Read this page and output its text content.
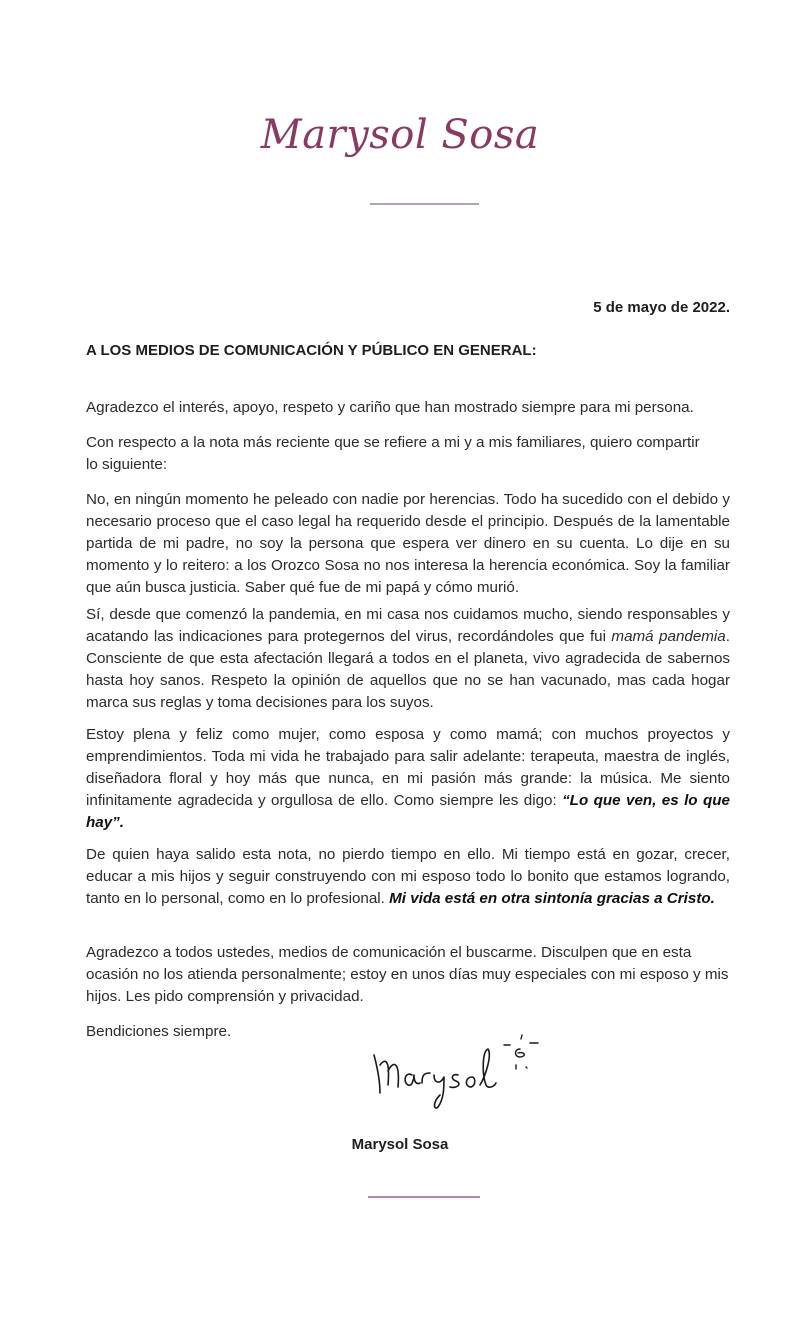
Marysol Sosa
5 de mayo de 2022.
A LOS MEDIOS DE COMUNICACIÓN Y PÚBLICO EN GENERAL:

Agradezco el interés, apoyo, respeto y cariño que han mostrado siempre para mi persona.

Con respecto a la nota más reciente que se refiere a mi y a mis familiares, quiero compartir lo siguiente:

No, en ningún momento he peleado con nadie por herencias. Todo ha sucedido con el debido y necesario proceso que el caso legal ha requerido desde el principio. Después de la lamentable partida de mi padre, no soy la persona que espera ver dinero en su cuenta. Lo dije en su momento y lo reitero: a los Orozco Sosa no nos interesa la herencia económica. Soy la familiar que aún busca justicia. Saber qué fue de mi papá y cómo murió.

Sí, desde que comenzó la pandemia, en mi casa nos cuidamos mucho, siendo responsables y acatando las indicaciones para protegernos del virus, recordándoles que fui mamá pandemia. Consciente de que esta afectación llegará a todos en el planeta, vivo agradecida de sabernos hasta hoy sanos. Respeto la opinión de aquellos que no se han vacunado, mas cada hogar marca sus reglas y toma decisiones para los suyos.

Estoy plena y feliz como mujer, como esposa y como mamá; con muchos proyectos y emprendimientos. Toda mi vida he trabajado para salir adelante: terapeuta, maestra de inglés, diseñadora floral y hoy más que nunca, en mi pasión más grande: la música. Me siento infinitamente agradecida y orgullosa de ello. Como siempre les digo: “Lo que ven, es lo que hay”.

De quien haya salido esta nota, no pierdo tiempo en ello. Mi tiempo está en gozar, crecer, educar a mis hijos y seguir construyendo con mi esposo todo lo bonito que estamos logrando, tanto en lo personal, como en lo profesional. Mi vida está en otra sintonía gracias a Cristo.

Agradezco a todos ustedes, medios de comunicación el buscarme. Disculpen que en esta ocasión no los atienda personalmente; estoy en unos días muy especiales con mi esposo y mis hijos. Les pido comprensión y privacidad.

Bendiciones siempre.

Marysol Sosa
